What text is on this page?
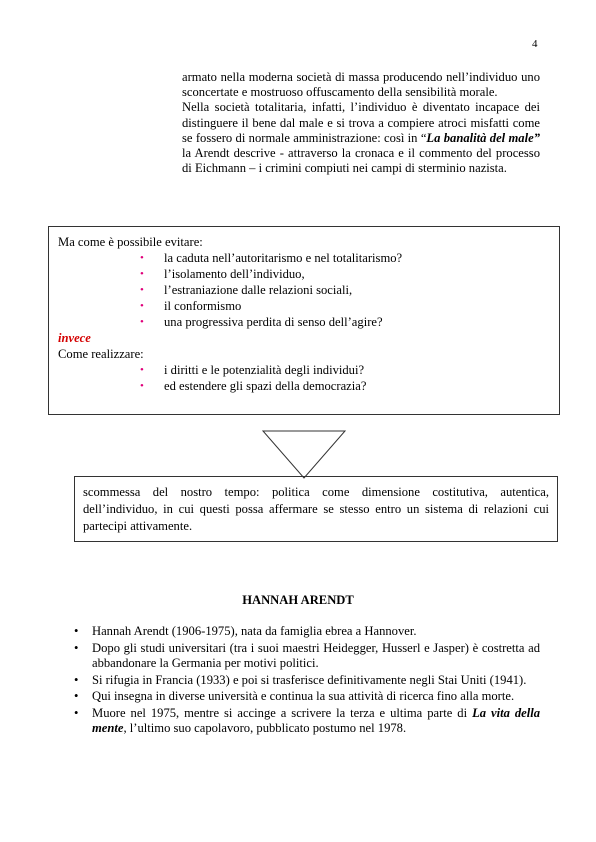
4

armato nella moderna società di massa producendo nell’individuo uno sconcertate e mostruoso offuscamento della sensibilità morale.

Nella società totalitaria, infatti, l’individuo è diventato incapace dei distinguere il bene dal male e si trova a compiere atroci misfatti come se fossero di normale amministrazione: così in “La banalità del male” la Arendt descrive - attraverso la cronaca e il commento del processo di Eichmann – i crimini compiuti nei campi di sterminio nazista.

Ma come è possibile evitare:
• la caduta nell’autoritarismo e nel totalitarismo?
• l’isolamento dell’individuo,
• l’estraniazione dalle relazioni sociali,
• il conformismo
• una progressiva perdita di senso dell’agire?
invece
Come realizzare:
• i diritti e le potenzialità degli individui?
• ed estendere gli spazi della democrazia?
scommessa del nostro tempo: politica come dimensione costitutiva, autentica, dell’individuo, in cui questi possa affermare se stesso entro un sistema di relazioni cui partecipi attivamente.
HANNAH ARENDT
• Hannah Arendt (1906-1975), nata da famiglia ebrea a Hannover.
• Dopo gli studi universitari (tra i suoi maestri Heidegger, Husserl e Jasper) è costretta ad abbandonare la Germania per motivi politici.
• Si rifugia in Francia (1933) e poi si trasferisce definitivamente negli Stai Uniti (1941).
• Qui insegna in diverse università e continua la sua attività di ricerca fino alla morte.
• Muore nel 1975, mentre si accinge a scrivere la terza e ultima parte di La vita della mente, l’ultimo suo capolavoro, pubblicato postumo nel 1978.
